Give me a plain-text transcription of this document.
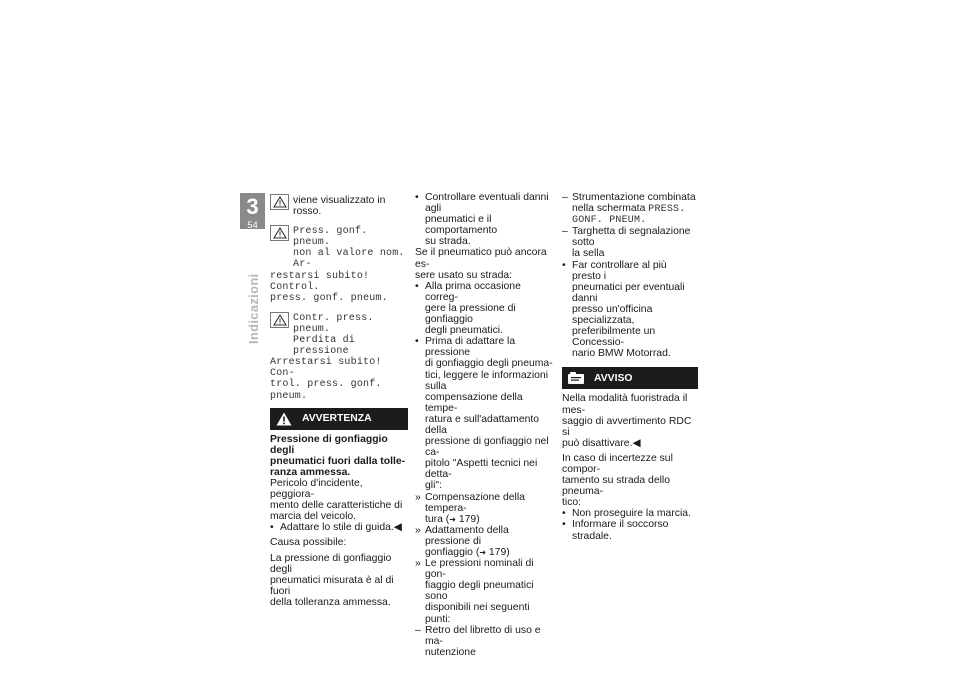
3
54
Indicazioni
viene visualizzato in rosso.
Press. gonf. pneum.
non al valore nom. Ar-
restarsi subito! Control.
press. gonf. pneum.
Contr. press. pneum.
Perdita di pressione
Arrestarsi subito! Con-
trol. press. gonf. pneum.
AVVERTENZA
Pressione di gonfiaggio degli
pneumatici fuori dalla tolle-
ranza ammessa.
Pericolo d'incidente, peggiora-
mento delle caratteristiche di
marcia del veicolo.
• Adattare lo stile di guida.◀
Causa possibile:
La pressione di gonfiaggio degli
pneumatici misurata è al di fuori
della tolleranza ammessa.
• Controllare eventuali danni agli
pneumatici e il comportamento
su strada.
Se il pneumatico può ancora es-
sere usato su strada:
• Alla prima occasione correg-
gere la pressione di gonfiaggio
degli pneumatici.
• Prima di adattare la pressione
di gonfiaggio degli pneuma-
tici, leggere le informazioni sulla
compensazione della tempe-
ratura e sull'adattamento della
pressione di gonfiaggio nel ca-
pitolo "Aspetti tecnici nei detta-
gli":
» Compensazione della tempera-
tura (➜ 179)
» Adattamento della pressione di
gonfiaggio (➜ 179)
» Le pressioni nominali di gon-
fiaggio degli pneumatici sono
disponibili nei seguenti punti:
– Retro del libretto di uso e ma-
nutenzione
– Strumentazione combinata
nella schermata PRESS.
GONF. PNEUM.
– Targhetta di segnalazione sotto
la sella
• Far controllare al più presto i
pneumatici per eventuali danni
presso un'officina specializzata,
preferibilmente un Concessio-
nario BMW Motorrad.
AVVISO
Nella modalità fuoristrada il mes-
saggio di avvertimento RDC si
può disattivare.◀
In caso di incertezze sul compor-
tamento su strada dello pneuma-
tico:
• Non proseguire la marcia.
• Informare il soccorso stradale.
